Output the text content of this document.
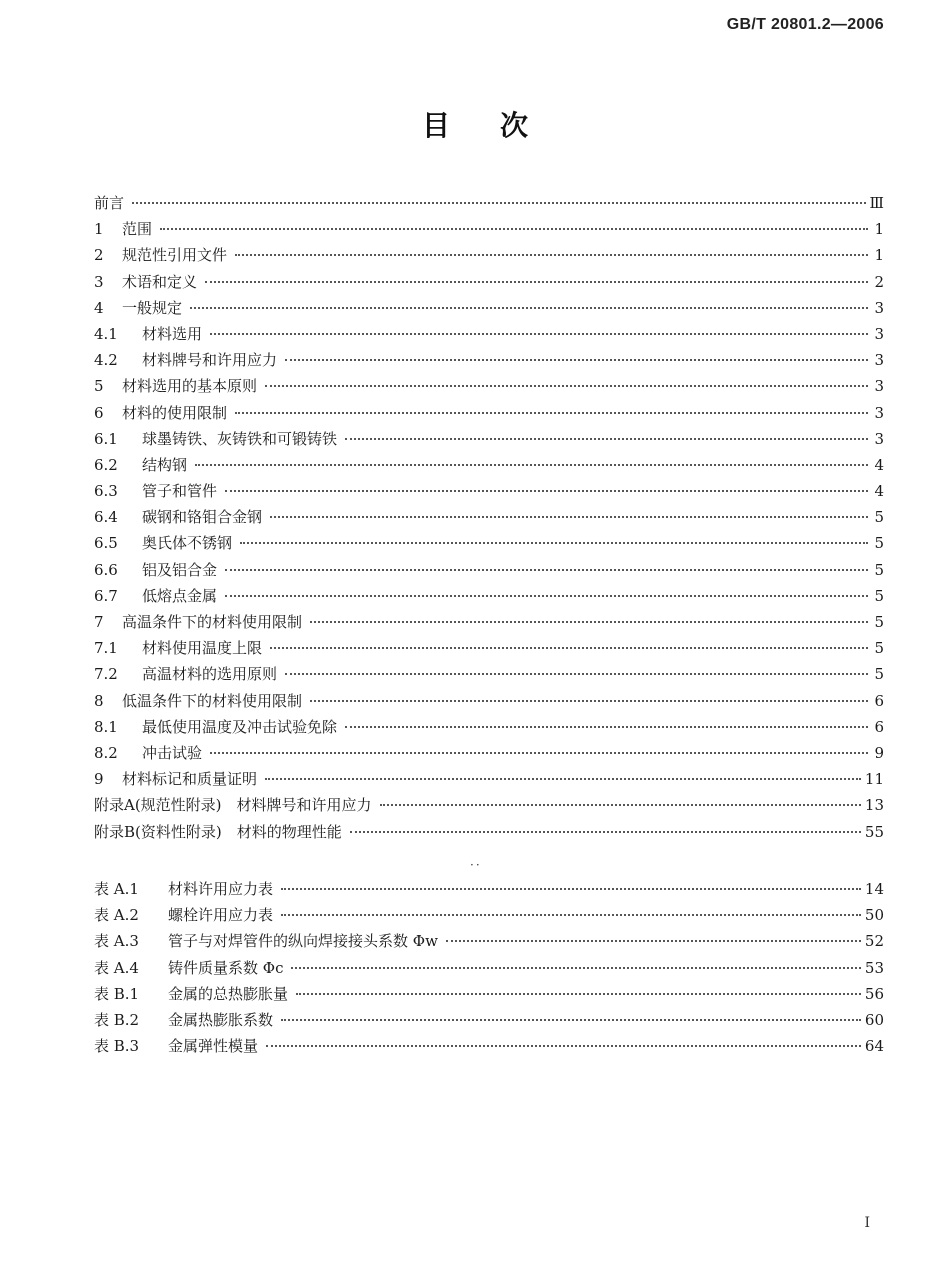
GB/T 20801.2—2006
目次
前言	Ⅲ
1	范围	1
2	规范性引用文件	1
3	术语和定义	2
4	一般规定	3
4.1	材料选用	3
4.2	材料牌号和许用应力	3
5	材料选用的基本原则	3
6	材料的使用限制	3
6.1	球墨铸铁、灰铸铁和可锻铸铁	3
6.2	结构钢	4
6.3	管子和管件	4
6.4	碳钢和铬钼合金钢	5
6.5	奥氏体不锈钢	5
6.6	铝及铝合金	5
6.7	低熔点金属	5
7	高温条件下的材料使用限制	5
7.1	材料使用温度上限	5
7.2	高温材料的选用原则	5
8	低温条件下的材料使用限制	6
8.1	最低使用温度及冲击试验免除	6
8.2	冲击试验	9
9	材料标记和质量证明	11
附录A(规范性附录)　材料牌号和许用应力	13
附录B(资料性附录)　材料的物理性能	55
··
表 A.1	材料许用应力表	14
表 A.2	螺栓许用应力表	50
表 A.3	管子与对焊管件的纵向焊接接头系数 Φw	52
表 A.4	铸件质量系数 Φc	53
表 B.1	金属的总热膨胀量	56
表 B.2	金属热膨胀系数	60
表 B.3	金属弹性模量	64
I
